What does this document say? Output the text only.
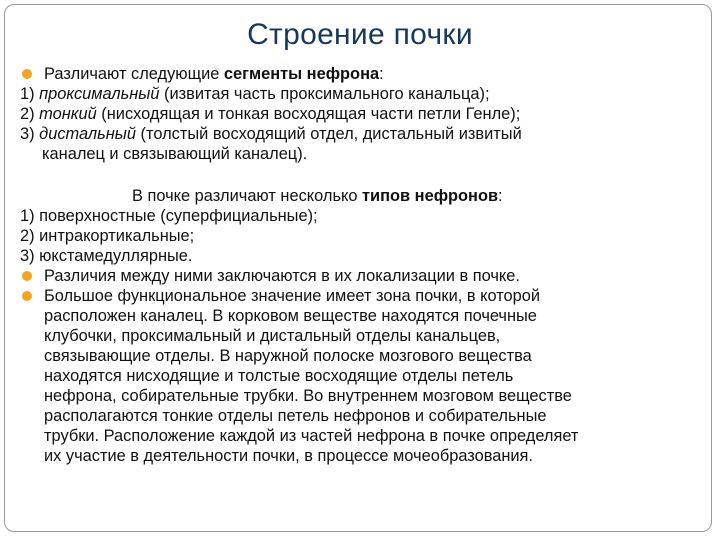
Строение почки
Различают следующие сегменты нефрона:
1) проксимальный (извитая часть проксимального канальца);
2) тонкий (нисходящая и тонкая восходящая части петли Генле);
3) дистальный (толстый восходящий отдел, дистальный извитый
каналец и связывающий каналец).
В почке различают несколько типов нефронов:
1) поверхностные (суперфициальные);
2) интракортикальные;
3) юкстамедуллярные.
Различия между ними заключаются в их локализации в почке.
Большое функциональное значение имеет зона почки, в которой
расположен каналец. В корковом веществе находятся почечные
клубочки, проксимальный и дистальный отделы канальцев,
связывающие отделы. В наружной полоске мозгового вещества
находятся нисходящие и толстые восходящие отделы петель
нефрона, собирательные трубки. Во внутреннем мозговом веществе
располагаются тонкие отделы петель нефронов и собирательные
трубки. Расположение каждой из частей нефрона в почке определяет
их участие в деятельности почки, в процессе мочеобразования.
